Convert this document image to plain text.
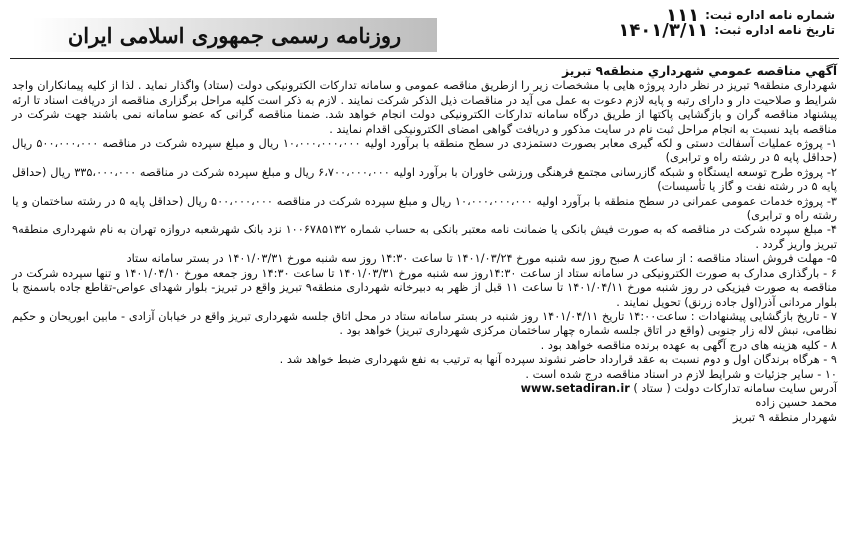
شماره نامه اداره ثبت:
۱۱۱
تاریخ نامه اداره ثبت:
۱۴۰۱/۳/۱۱
روزنامه رسمی جمهوری اسلامی ایران

آگهي مناقصه عمومي شهرداري منطقه۹ تبريز

شهرداری منطقه۹ تبریز در نظر دارد پروژه هایی با مشخصات زیر را ازطریق مناقصه عمومی و سامانه تدارکات الکترونیکی دولت (ستاد) واگذار نماید . لذا از کلیه پیمانکاران واجد شرایط و صلاحیت دار و دارای رتبه و پایه لازم دعوت به عمل می آید در مناقصات ذیل الذکر شرکت نمایند . لازم به ذکر است کلیه مراحل برگزاری مناقصه از دریافت اسناد تا ارئه پیشنهاد مناقصه گران و بازگشایی پاکتها از طریق درگاه سامانه تدارکات الکترونیکی دولت انجام خواهد شد. ضمنا مناقصه گرانی که عضو سامانه نمی باشند جهت شرکت در مناقصه باید نسبت به انجام مراحل ثبت نام در سایت مذکور و دریافت گواهی امضای الکترونیکی اقدام نمایند .

۱- پروژه عملیات آسفالت دستی و لکه گیری معابر بصورت دستمزدی در سطح منطقه با برآورد اولیه ۱۰،۰۰۰،۰۰۰،۰۰۰ ریال و مبلغ سپرده شرکت در مناقصه ۵۰۰،۰۰۰،۰۰۰ ریال (حداقل پایه ۵ در رشته راه و ترابری)

۲- پروژه طرح توسعه ایستگاه و شبکه گازرسانی مجتمع فرهنگی ورزشی خاوران با برآورد اولیه ۶،۷۰۰،۰۰۰،۰۰۰ ریال و مبلغ سپرده شرکت در مناقصه ۳۳۵،۰۰۰،۰۰۰ ریال (حداقل پایه ۵ در رشته نفت و گاز یا تأسیسات)

۳- پروژه خدمات عمومی عمرانی در سطح منطقه با برآورد اولیه ۱۰،۰۰۰،۰۰۰،۰۰۰ ریال و مبلغ سپرده شرکت در مناقصه ۵۰۰،۰۰۰،۰۰۰ ریال (حداقل پایه ۵ در رشته ساختمان و یا رشته راه و ترابری)

۴- مبلغ سپرده شرکت در مناقصه که به صورت فیش بانکی یا ضمانت نامه معتبر بانکی به حساب شماره ۱۰۰۶۷۸۵۱۳۲ نزد بانک شهرشعبه دروازه تهران به نام شهرداری منطقه۹ تبریز واریز گردد .

۵- مهلت فروش اسناد مناقصه : از ساعت ۸ صبح روز سه شنبه مورخ ۱۴۰۱/۰۳/۲۴ تا ساعت ۱۴:۳۰ روز سه شنبه مورخ ۱۴۰۱/۰۳/۳۱ در بستر سامانه ستاد

۶ - بارگذاری مدارک به صورت الکترونیکی در سامانه ستاد از ساعت ۱۴:۳۰روز سه شنبه مورخ ۱۴۰۱/۰۳/۳۱ تا ساعت ۱۴:۳۰ روز جمعه مورخ ۱۴۰۱/۰۴/۱۰ و تنها سپرده شرکت در مناقصه به صورت فیزیکی در روز شنبه مورخ ۱۴۰۱/۰۴/۱۱ تا ساعت ۱۱ قبل از ظهر به دبیرخانه شهرداری منطقه۹ تبریز واقع در تبریز- بلوار شهدای عواص-تقاطع جاده باسمنج با بلوار مردانی آذر(اول جاده زرنق) تحویل نمایند .

۷ - تاریخ بازگشایی پیشنهادات : ساعت۱۴:۰۰ تاریخ ۱۴۰۱/۰۴/۱۱ روز شنبه در بستر سامانه ستاد در محل اتاق جلسه شهرداری تبریز واقع در خیابان آزادی - مابین ابوریحان و حکیم نظامی، نبش لاله زار جنوبی (واقع در اتاق جلسه شماره چهار ساختمان مرکزی شهرداری تبریز) خواهد بود .

۸ - کلیه هزینه های درج آگهی به عهده برنده مناقصه خواهد بود .

۹ - هرگاه برندگان اول و دوم نسبت به عقد قرارداد حاضر نشوند سپرده آنها به ترتیب به نفع شهرداری ضبط خواهد شد .

۱۰ - سایر جزئیات و شرایط لازم در اسناد مناقصه درج شده است .

آدرس سایت سامانه تدارکات دولت ( ستاد ) www.setadiran.ir

محمد حسین زاده

شهردار منطقه ۹ تبریز
